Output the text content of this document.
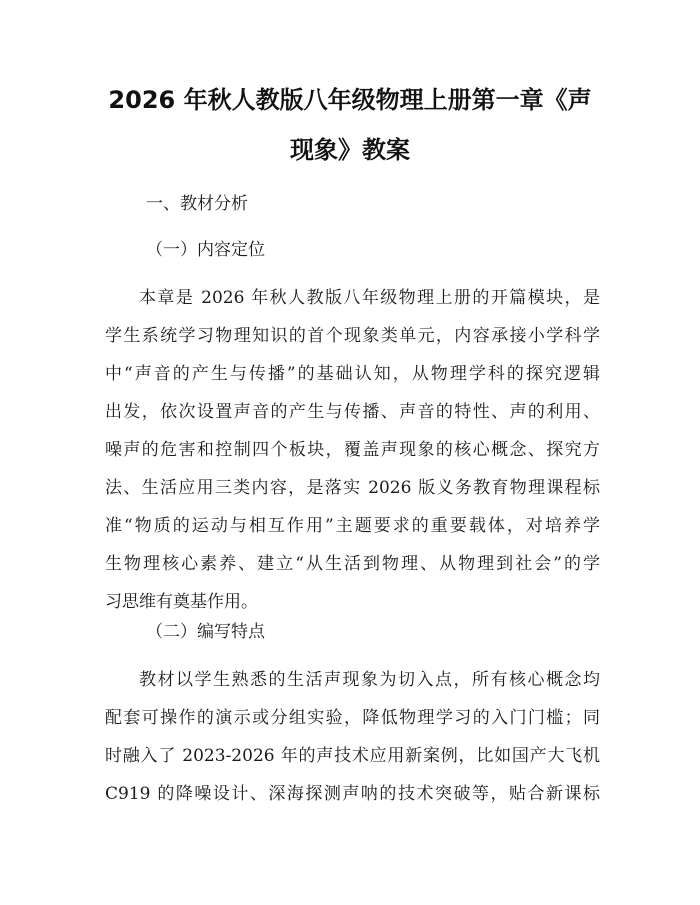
2026 年秋人教版八年级物理上册第一章《声
现象》教案
一、教材分析
（一）内容定位
本章是 2026 年秋人教版八年级物理上册的开篇模块，是
学生系统学习物理知识的首个现象类单元，内容承接小学科学
中“声音的产生与传播”的基础认知，从物理学科的探究逻辑
出发，依次设置声音的产生与传播、声音的特性、声的利用、
噪声的危害和控制四个板块，覆盖声现象的核心概念、探究方
法、生活应用三类内容，是落实 2026 版义务教育物理课程标
准“物质的运动与相互作用”主题要求的重要载体，对培养学
生物理核心素养、建立“从生活到物理、从物理到社会”的学
习思维有奠基作用。
（二）编写特点
教材以学生熟悉的生活声现象为切入点，所有核心概念均
配套可操作的演示或分组实验，降低物理学习的入门门槛；同
时融入了 2023-2026 年的声技术应用新案例，比如国产大飞机
C919 的降噪设计、深海探测声呐的技术突破等，贴合新课标
